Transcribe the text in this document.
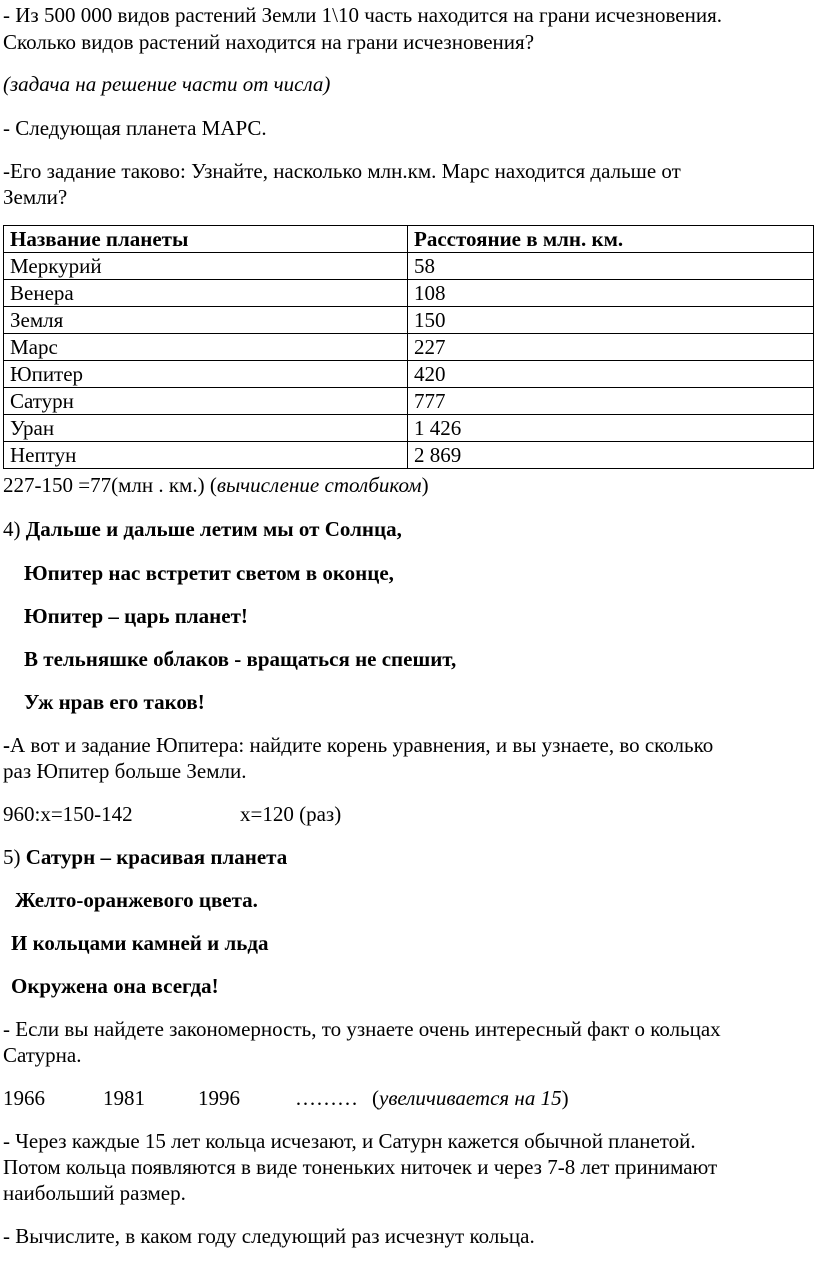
- Из 500 000 видов растений Земли 1\10 часть находится на грани исчезновения.
Сколько видов растений находится на грани исчезновения?
(задача на решение части от числа)
- Следующая планета МАРС.
-Его задание таково: Узнайте, насколько млн.км. Марс находится дальше от
Земли?
Название планеты	Расстояние в млн. км.
Меркурий	58
Венера	108
Земля	150
Марс	227
Юпитер	420
Сатурн	777
Уран	1 426
Нептун	2 869
227-150 =77(млн . км.) (вычисление столбиком)
4) Дальше и дальше летим мы от Солнца,
Юпитер нас встретит светом в оконце,
Юпитер – царь планет!
В тельняшке облаков - вращаться не спешит,
Уж нрав его таков!
-А вот и задание Юпитера: найдите корень уравнения, и вы узнаете, во сколько
раз Юпитер больше Земли.
960:x=150-142	x=120 (раз)
5) Сатурн – красивая планета
Желто-оранжевого цвета.
И кольцами камней и льда
Окружена она всегда!
- Если вы найдете закономерность, то узнаете очень интересный факт о кольцах
Сатурна.
1966	1981	1996	……… (увеличивается на 15)
- Через каждые 15 лет кольца исчезают, и Сатурн кажется обычной планетой.
Потом кольца появляются в виде тоненьких ниточек и через 7-8 лет принимают
наибольший размер.
- Вычислите, в каком году следующий раз исчезнут кольца.
